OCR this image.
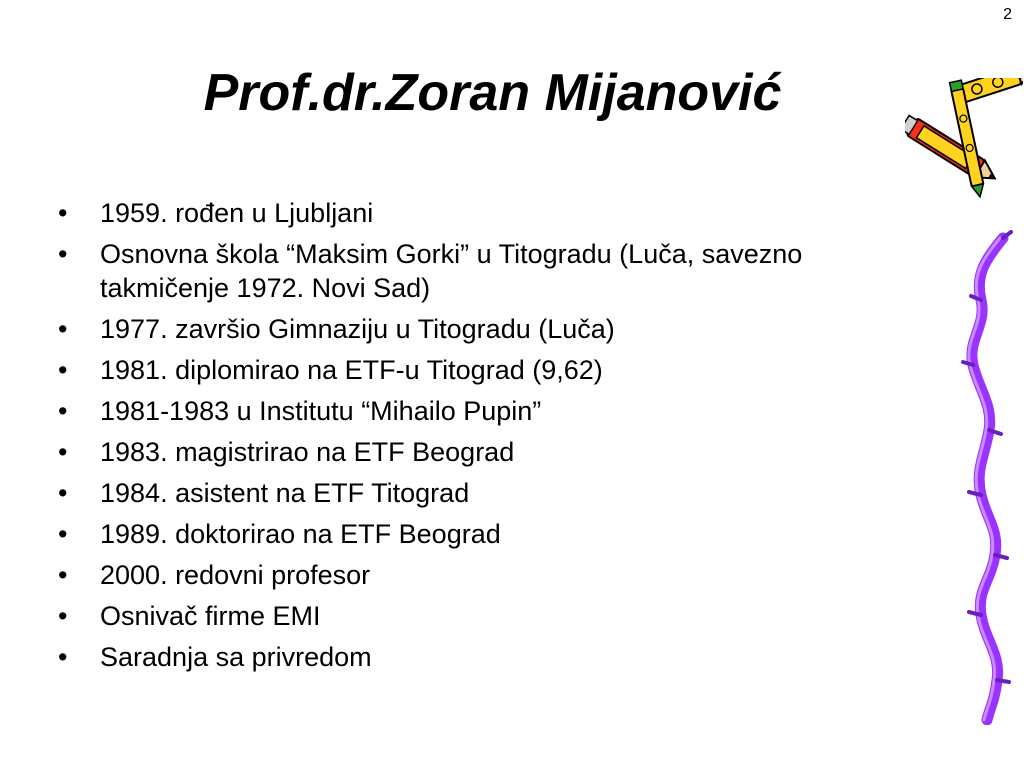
2
Prof.dr.Zoran Mijanović
•	1959. rođen u Ljubljani
•	Osnovna škola “Maksim Gorki” u Titogradu (Luča, savezno takmičenje 1972. Novi Sad)
•	1977. završio Gimnaziju u Titogradu (Luča)
•	1981. diplomirao na ETF-u Titograd (9,62)
•	1981-1983 u Institutu “Mihailo Pupin”
•	1983. magistrirao na ETF Beograd
•	1984. asistent na ETF Titograd
•	1989. doktorirao na ETF Beograd
•	2000. redovni profesor
•	Osnivač firme EMI
•	Saradnja sa privredom
